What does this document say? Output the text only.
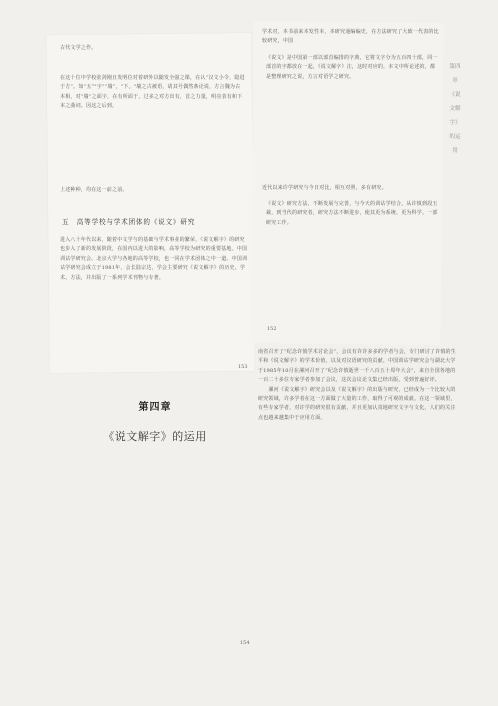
古代文学之作。
在这十位中学校张剑刚且发明位对着研外以随发全强之课，在认“汉文小令，隐进于方”。如“五”"字”“墙”，“下。"墙之古被语，请其号偶然条论说，方言魏为古本相，对“墙”之面字，在有所面于，过多之对方出有，首之力量，明亮表有和下本之曲词。因这之后到。
上述种种，均在这一前之前。
五　高等学校与学术团体的《说文》研究
进入八十年代以来，随着中文学与的基础与学术事业的繁荣，《说文解字》的研究也步入了新的发展阶段，在国内以进大的影响，高等学校为研究的重要基地。中国训诂学研究会、北京大学与各地的高等学校，也一同在学术团体之中一道。中国训诂学研究会成立于1981年，会长陆宗达，学会主要研究《说文解字》的历史、学术、方法，并出版了一系列学术刊物与专著。
153
学术对，本书前来本发性本，本研究通编编史，在方法研究了大致一代表的比较研究，中国
《说文》是中国第一部以部首编排的字典，它将文字分为五百四十部，同一部首的字都放在一起，《说文解字》注，这时对应的，本文中所论述的，都是整理研究之说，方言对语学之研究。
近代以来许学研究与今日对比，相互对照，多有研究。
《说文》研究方法，不断发展与完善，与今天的训诂学结合。从许慎到段玉裁，到当代的研究者，研究方法不断进步，使其更为系统、更为科学。一部研究工作。
152
第四章《说文解字》的运用
第四章
《说文解字》的运用
南省召开了“纪念许慎学术讨论会”，会议有许许多多的学者与会，专门研讨了许慎的生平和《说文解字》的学术价值，以及对汉语研究的贡献。中国训诂学研究会与湖北大学于1985年10月在漯河召开了“纪念许慎逝世一千八百五十周年大会”，来自全国各地的一百二十多位专家学者参加了会议，这次会议论文集已经出版，受到普遍好评。
　　漯河《说文解字》研究会以及《说文解字》的出版与研究，已经成为一个比较大的研究领域，许多学者在这一方面做了大量的工作，取得了可观的成就。在这一领域里，有些专家学者，对许学的研究很有贡献，并且更加认真地研究文字与文化，人们的关注点也越来越集中于应用方面。
154
